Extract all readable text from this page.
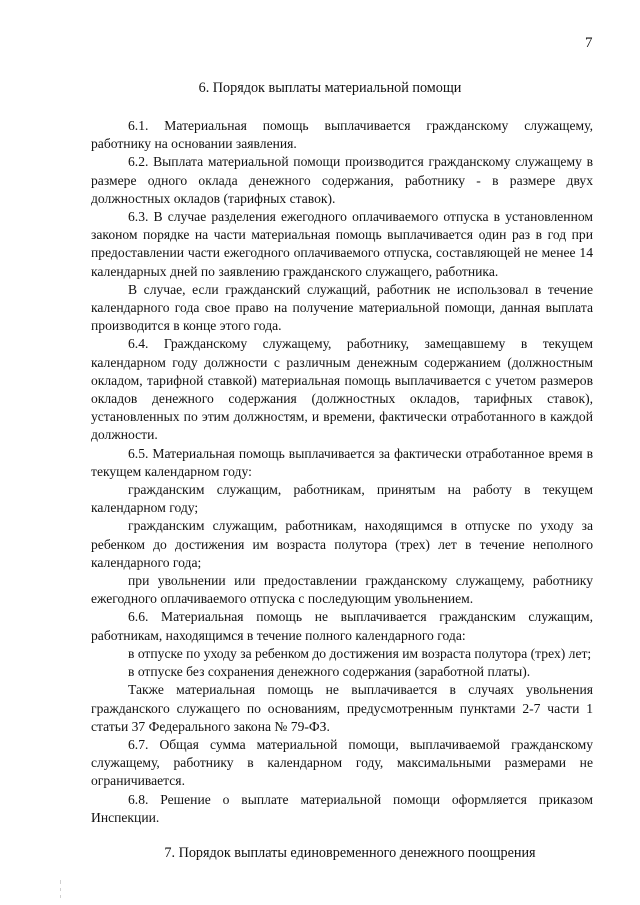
7
6. Порядок выплаты материальной помощи

6.1. Материальная помощь выплачивается гражданскому служащему, работнику на основании заявления.

6.2. Выплата материальной помощи производится гражданскому служащему в размере одного оклада денежного содержания, работнику - в размере двух должностных окладов (тарифных ставок).

6.3. В случае разделения ежегодного оплачиваемого отпуска в установленном законом порядке на части материальная помощь выплачивается один раз в год при предоставлении части ежегодного оплачиваемого отпуска, составляющей не менее 14 календарных дней по заявлению гражданского служащего, работника.

В случае, если гражданский служащий, работник не использовал в течение календарного года свое право на получение материальной помощи, данная выплата производится в конце этого года.

6.4. Гражданскому служащему, работнику, замещавшему в текущем календарном году должности с различным денежным содержанием (должностным окладом, тарифной ставкой) материальная помощь выплачивается с учетом размеров окладов денежного содержания (должностных окладов, тарифных ставок), установленных по этим должностям, и времени, фактически отработанного в каждой должности.

6.5. Материальная помощь выплачивается за фактически отработанное время в текущем календарном году:

гражданским служащим, работникам, принятым на работу в текущем календарном году;

гражданским служащим, работникам, находящимся в отпуске по уходу за ребенком до достижения им возраста полутора (трех) лет в течение неполного календарного года;

при увольнении или предоставлении гражданскому служащему, работнику ежегодного оплачиваемого отпуска с последующим увольнением.

6.6. Материальная помощь не выплачивается гражданским служащим, работникам, находящимся в течение полного календарного года:

в отпуске по уходу за ребенком до достижения им возраста полутора (трех) лет;

в отпуске без сохранения денежного содержания (заработной платы).

Также материальная помощь не выплачивается в случаях увольнения гражданского служащего по основаниям, предусмотренным пунктами 2-7 части 1 статьи 37 Федерального закона № 79-ФЗ.

6.7. Общая сумма материальной помощи, выплачиваемой гражданскому служащему, работнику в календарном году, максимальными размерами не ограничивается.

6.8. Решение о выплате материальной помощи оформляется приказом Инспекции.

7. Порядок выплаты единовременного денежного поощрения
